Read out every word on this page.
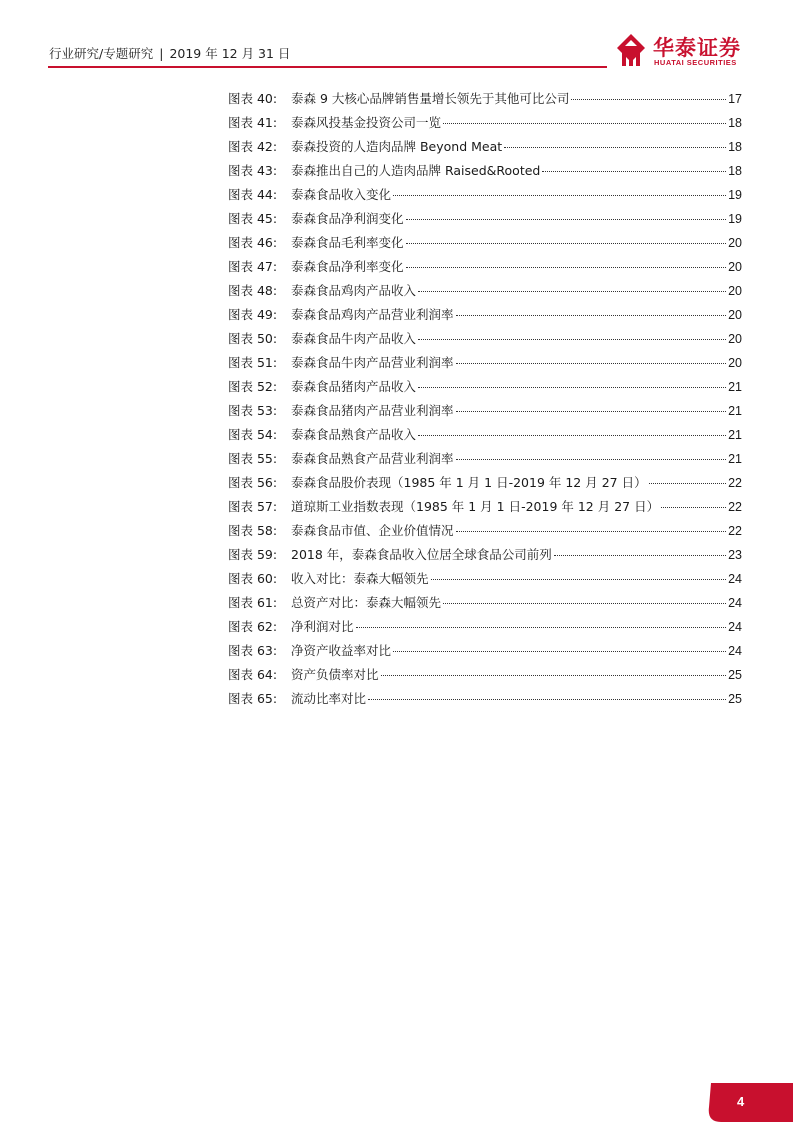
行业研究/专题研究 | 2019 年 12 月 31 日	华泰证券
HUATAI SECURITIES
图表 40:	泰森 9 大核心品牌销售量增长领先于其他可比公司	17
图表 41:	泰森风投基金投资公司一览	18
图表 42:	泰森投资的人造肉品牌 Beyond Meat	18
图表 43:	泰森推出自己的人造肉品牌 Raised&Rooted	18
图表 44:	泰森食品收入变化	19
图表 45:	泰森食品净利润变化	19
图表 46:	泰森食品毛利率变化	20
图表 47:	泰森食品净利率变化	20
图表 48:	泰森食品鸡肉产品收入	20
图表 49:	泰森食品鸡肉产品营业利润率	20
图表 50:	泰森食品牛肉产品收入	20
图表 51:	泰森食品牛肉产品营业利润率	20
图表 52:	泰森食品猪肉产品收入	21
图表 53:	泰森食品猪肉产品营业利润率	21
图表 54:	泰森食品熟食产品收入	21
图表 55:	泰森食品熟食产品营业利润率	21
图表 56:	泰森食品股价表现（1985 年 1 月 1 日-2019 年 12 月 27 日）	22
图表 57:	道琼斯工业指数表现（1985 年 1 月 1 日-2019 年 12 月 27 日）	22
图表 58:	泰森食品市值、企业价值情况	22
图表 59:	2018 年，泰森食品收入位居全球食品公司前列	23
图表 60:	收入对比：泰森大幅领先	24
图表 61:	总资产对比：泰森大幅领先	24
图表 62:	净利润对比	24
图表 63:	净资产收益率对比	24
图表 64:	资产负债率对比	25
图表 65:	流动比率对比	25
4
